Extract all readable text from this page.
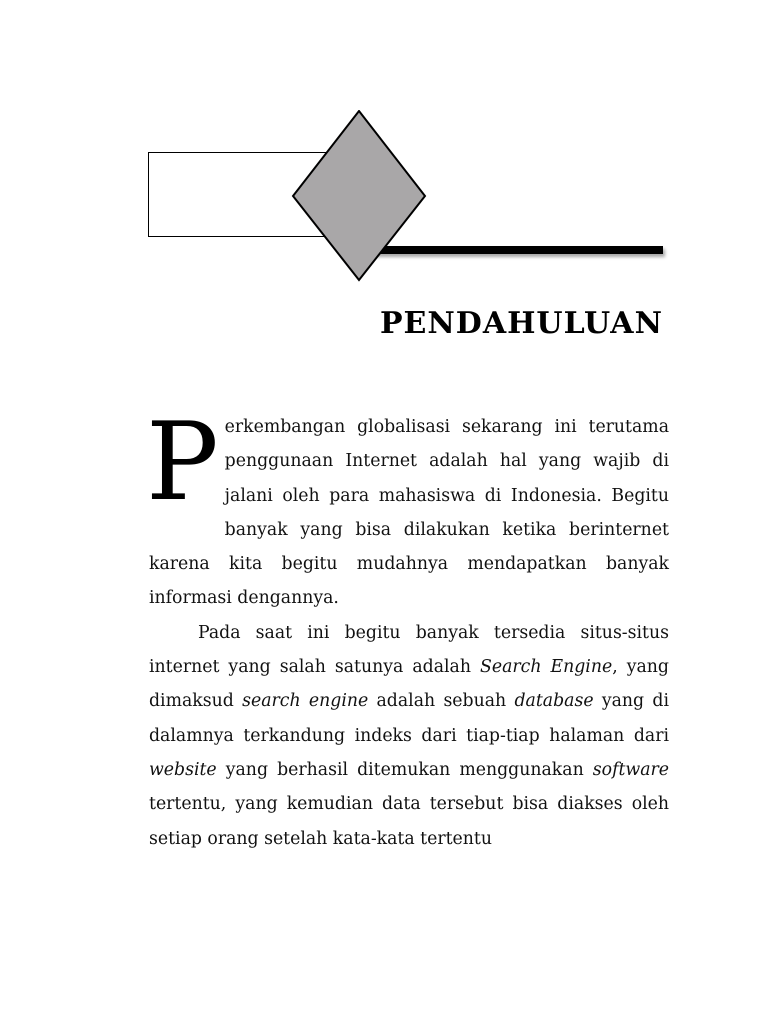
PENDAHULUAN

Perkembangan globalisasi sekarang ini terutama penggunaan Internet adalah hal yang wajib di jalani oleh para mahasiswa di Indonesia. Begitu banyak yang bisa dilakukan ketika berinternet karena kita begitu mudahnya mendapatkan banyak informasi dengannya.

Pada saat ini begitu banyak tersedia situs-situs internet yang salah satunya adalah Search Engine, yang dimaksud search engine adalah sebuah database yang di dalamnya terkandung indeks dari tiap-tiap halaman dari website yang berhasil ditemukan menggunakan software tertentu, yang kemudian data tersebut bisa diakses oleh setiap orang setelah kata-kata tertentu
